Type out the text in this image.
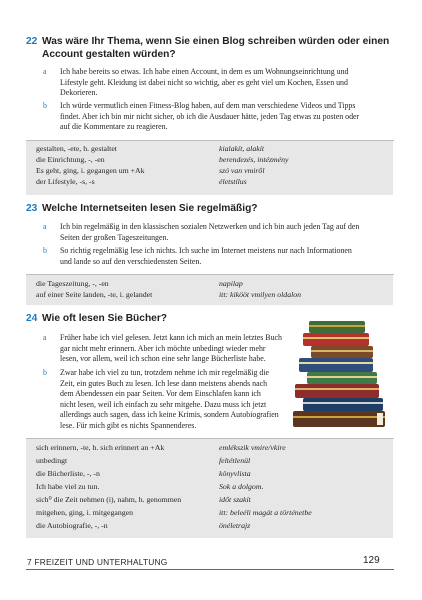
22 Was wäre Ihr Thema, wenn Sie einen Blog schreiben würden oder einen
Account gestalten würden?
a	Ich habe bereits so etwas. Ich habe einen Account, in dem es um Wohnungseinrichtung und
Lifestyle geht. Kleidung ist dabei nicht so wichtig, aber es geht viel um Kochen, Essen und
Dekorieren.
b	Ich würde vermutlich einen Fitness-Blog haben, auf dem man verschiedene Videos und Tipps
findet. Aber ich bin mir nicht sicher, ob ich die Ausdauer hätte, jeden Tag etwas zu posten oder
auf die Kommentare zu reagieren.
gestalten, -ete, h. gestaltet	kialakít, alakít
die Einrichtung, -, -en	berendezés, intézmény
Es geht, ging, i. gegangen um +Ak	szó van vmiről
der Lifestyle, -s, -s	életstílus
23 Welche Internetseiten lesen Sie regelmäßig?
a	Ich bin regelmäßig in den klassischen sozialen Netzwerken und ich bin auch jeden Tag auf den
Seiten der großen Tageszeitungen.
b	So richtig regelmäßig lese ich nichts. Ich suche im Internet meistens nur nach Informationen
und lande so auf den verschiedensten Seiten.
die Tageszeitung, -, -en	napilap
auf einer Seite landen, -te, i. gelandet	itt: kikööt vmilyen oldalon
24 Wie oft lesen Sie Bücher?
a	Früher habe ich viel gelesen. Jetzt kann ich mich an mein letztes Buch
gar nicht mehr erinnern. Aber ich möchte unbedingt wieder mehr
lesen, vor allem, weil ich schon eine sehr lange Bücherliste habe.
b	Zwar habe ich viel zu tun, trotzdem nehme ich mir regelmäßig die
Zeit, ein gutes Buch zu lesen. Ich lese dann meistens abends nach
dem Abendessen ein paar Seiten. Vor dem Einschlafen kann ich
nicht lesen, weil ich einfach zu sehr mitgehe. Dazu muss ich jetzt
allerdings auch sagen, dass ich keine Krimis, sondern Autobiografien
lese. Für mich gibt es nichts Spannenderes.
sich erinnern, -te, h. sich erinnert an +Ak	emlékszik vmire/vkire
unbedingt	feltétlenül
die Bücherliste, -, -n	könyvlista
Ich habe viel zu tun.	Sok a dolgom.
sich⁰ die Zeit nehmen (i), nahm, h. genommen	időt szakít
mitgehen, ging, i. mitgegangen	itt: beleéli magát a történetbe
die Autobiografie, -, -n	önéletrajz
7 FREIZEIT UND UNTERHALTUNG	129
